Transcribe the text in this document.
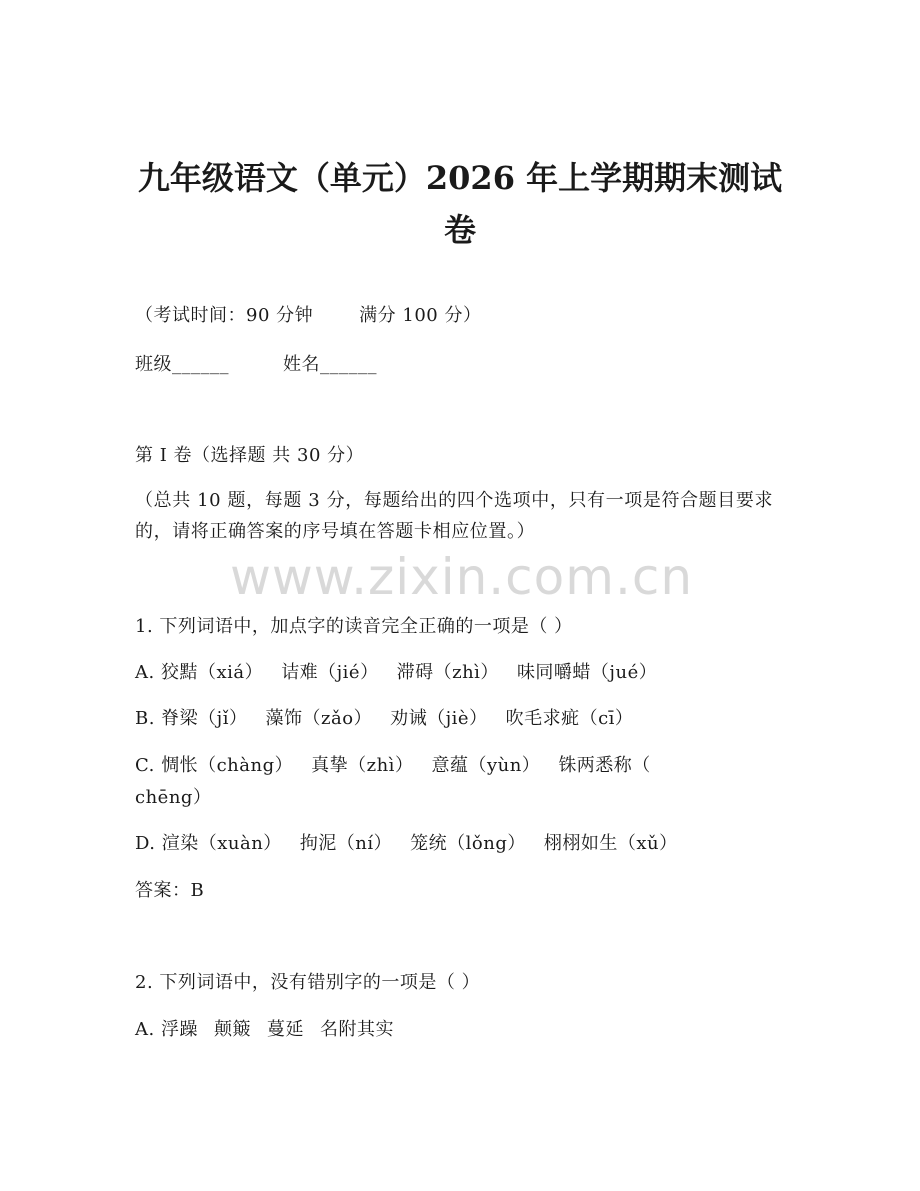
九年级语文（单元）2026 年上学期期末测试
卷
（考试时间：90 分钟	满分 100 分）
班级______	姓名______
第 I 卷（选择题 共 30 分）
（总共 10 题，每题 3 分，每题给出的四个选项中，只有一项是符合题目要求的，请将正确答案的序号填在答题卡相应位置。）
www.zixin.com.cn
1. 下列词语中，加点字的读音完全正确的一项是（ ）
A. 狡黠（xiá） 诘难（jié） 滞碍（zhì） 味同嚼蜡（jué）
B. 脊梁（jǐ） 藻饰（zǎo） 劝诫（jiè） 吹毛求疵（cī）
C. 惆怅（chàng） 真挚（zhì） 意蕴（yùn） 铢两悉称（
chēng）
D. 渲染（xuàn） 拘泥（ní） 笼统（lǒng） 栩栩如生（xǔ）
答案：B
2. 下列词语中，没有错别字的一项是（ ）
A. 浮躁 颠簸 蔓延 名附其实
